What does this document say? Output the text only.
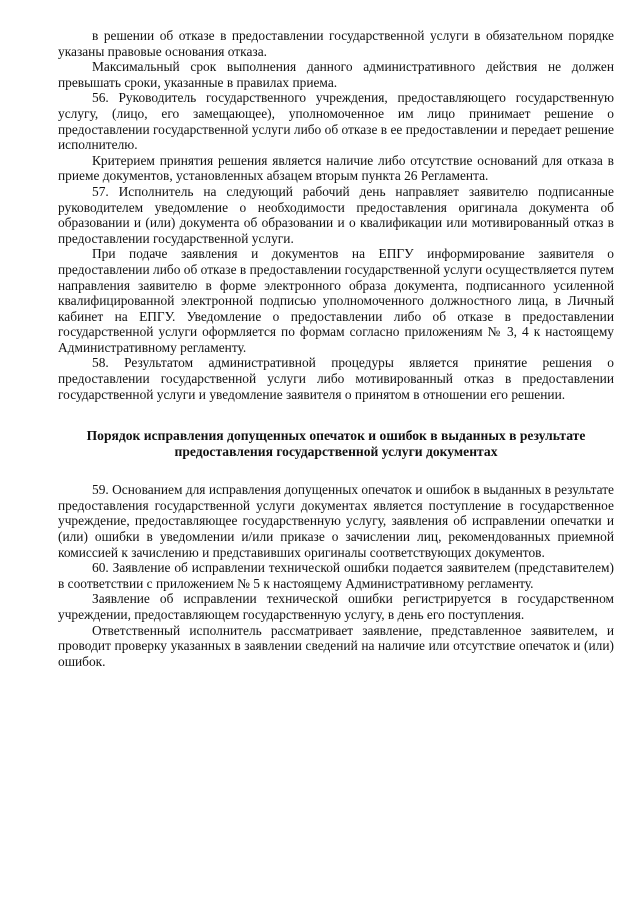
в решении об отказе в предоставлении государственной услуги в обязательном порядке указаны правовые основания отказа.

Максимальный срок выполнения данного административного действия не должен превышать сроки, указанные в правилах приема.

56. Руководитель государственного учреждения, предоставляющего государственную услугу, (лицо, его замещающее), уполномоченное им лицо принимает решение о предоставлении государственной услуги либо об отказе в ее предоставлении и передает решение исполнителю.

Критерием принятия решения является наличие либо отсутствие оснований для отказа в приеме документов, установленных абзацем вторым пункта 26 Регламента.

57. Исполнитель на следующий рабочий день направляет заявителю подписанные руководителем уведомление о необходимости предоставления оригинала документа об образовании и (или) документа об образовании и о квалификации или мотивированный отказ в предоставлении государственной услуги.

При подаче заявления и документов на ЕПГУ информирование заявителя о предоставлении либо об отказе в предоставлении государственной услуги осуществляется путем направления заявителю в форме электронного образа документа, подписанного усиленной квалифицированной электронной подписью уполномоченного должностного лица, в Личный кабинет на ЕПГУ. Уведомление о предоставлении либо об отказе в предоставлении государственной услуги оформляется по формам согласно приложениям № 3, 4 к настоящему Административному регламенту.

58. Результатом административной процедуры является принятие решения о предоставлении государственной услуги либо мотивированный отказ в предоставлении государственной услуги и уведомление заявителя о принятом в отношении его решении.

Порядок исправления допущенных опечаток и ошибок в выданных в результате
предоставления государственной услуги документах

59. Основанием для исправления допущенных опечаток и ошибок в выданных в результате предоставления государственной услуги документах является поступление в государственное учреждение, предоставляющее государственную услугу, заявления об исправлении опечатки и (или) ошибки в уведомлении и/или приказе о зачислении лиц, рекомендованных приемной комиссией к зачислению и представивших оригиналы соответствующих документов.

60. Заявление об исправлении технической ошибки подается заявителем (представителем) в соответствии с приложением № 5 к настоящему Административному регламенту.

Заявление об исправлении технической ошибки регистрируется в государственном учреждении, предоставляющем государственную услугу, в день его поступления.

Ответственный исполнитель рассматривает заявление, представленное заявителем, и проводит проверку указанных в заявлении сведений на наличие или отсутствие опечаток и (или) ошибок.
